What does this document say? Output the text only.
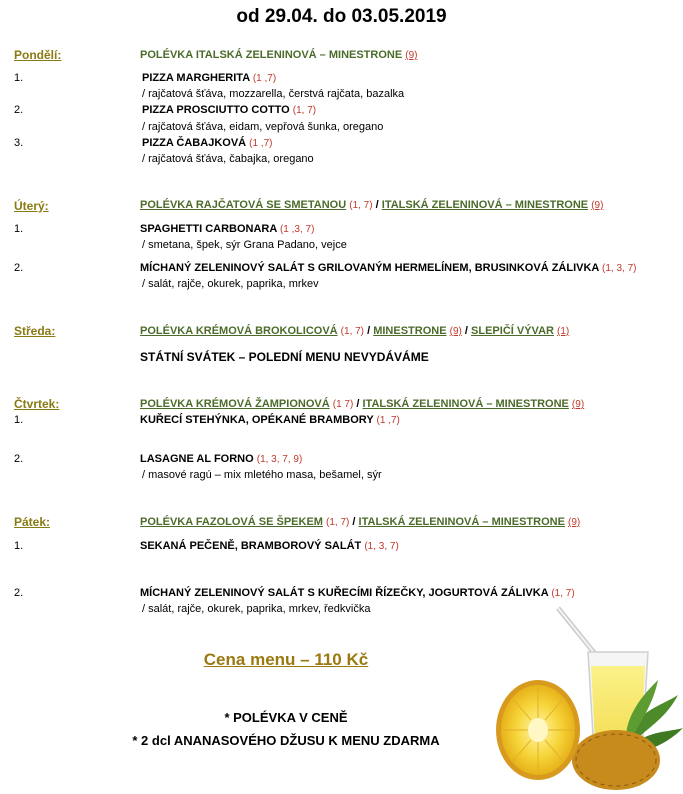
od 29.04. do 03.05.2019
Pondělí:	POLÉVKA ITALSKÁ ZELENINOVÁ – MINESTRONE (9)
1.	PIZZA MARGHERITA (1 ,7)
/ rajčatová šťáva, mozzarella, čerstvá rajčata, bazalka
2.	PIZZA PROSCIUTTO COTTO (1, 7)
/ rajčatová šťáva, eidam, vepřová šunka, oregano
3.	PIZZA ČABAJKOVÁ (1 ,7)
/ rajčatová šťáva, čabajka, oregano
Úterý:	POLÉVKA RAJČATOVÁ SE SMETANOU (1, 7) / ITALSKÁ ZELENINOVÁ – MINESTRONE (9)
1.	SPAGHETTI CARBONARA (1 ,3, 7)
/ smetana, špek, sýr Grana Padano, vejce
2.	MÍCHANÝ ZELENINOVÝ SALÁT S GRILOVANÝM HERMELÍNEM, BRUSINKOVÁ ZÁLIVKA (1, 3, 7)
/ salát, rajče, okurek, paprika, mrkev
Středa:	POLÉVKA KRÉMOVÁ BROKOLICOVÁ (1, 7) / MINESTRONE (9) / SLEPIČÍ VÝVAR (1)
STÁTNÍ SVÁTEK – POLEDNÍ MENU NEVYDÁVÁME
Čtvrtek:	POLÉVKA KRÉMOVÁ ŽAMPIONOVÁ (1 7) / ITALSKÁ ZELENINOVÁ – MINESTRONE (9)
1.	KUŘECÍ STEHÝNKA, OPÉKANÉ BRAMBORY (1 ,7)
2.	LASAGNE AL FORNO (1, 3, 7, 9)
/ masové ragú – mix mletého masa, bešamel, sýr
Pátek:	POLÉVKA FAZOLOVÁ SE ŠPEKEM (1, 7) / ITALSKÁ ZELENINOVÁ – MINESTRONE (9)
1.	SEKANÁ PEČENĚ, BRAMBOROVÝ SALÁT (1, 3, 7)
2.	MÍCHANÝ ZELENINOVÝ SALÁT S KUŘECÍMI ŘÍZEČKY, JOGURTOVÁ ZÁLIVKA (1, 7)
/ salát, rajče, okurek, paprika, mrkev, ředkvička
Cena menu – 110 Kč
* POLÉVKA V CENĚ
* 2 dcl ANANASOVÉHO DŽUSU K MENU ZDARMA
